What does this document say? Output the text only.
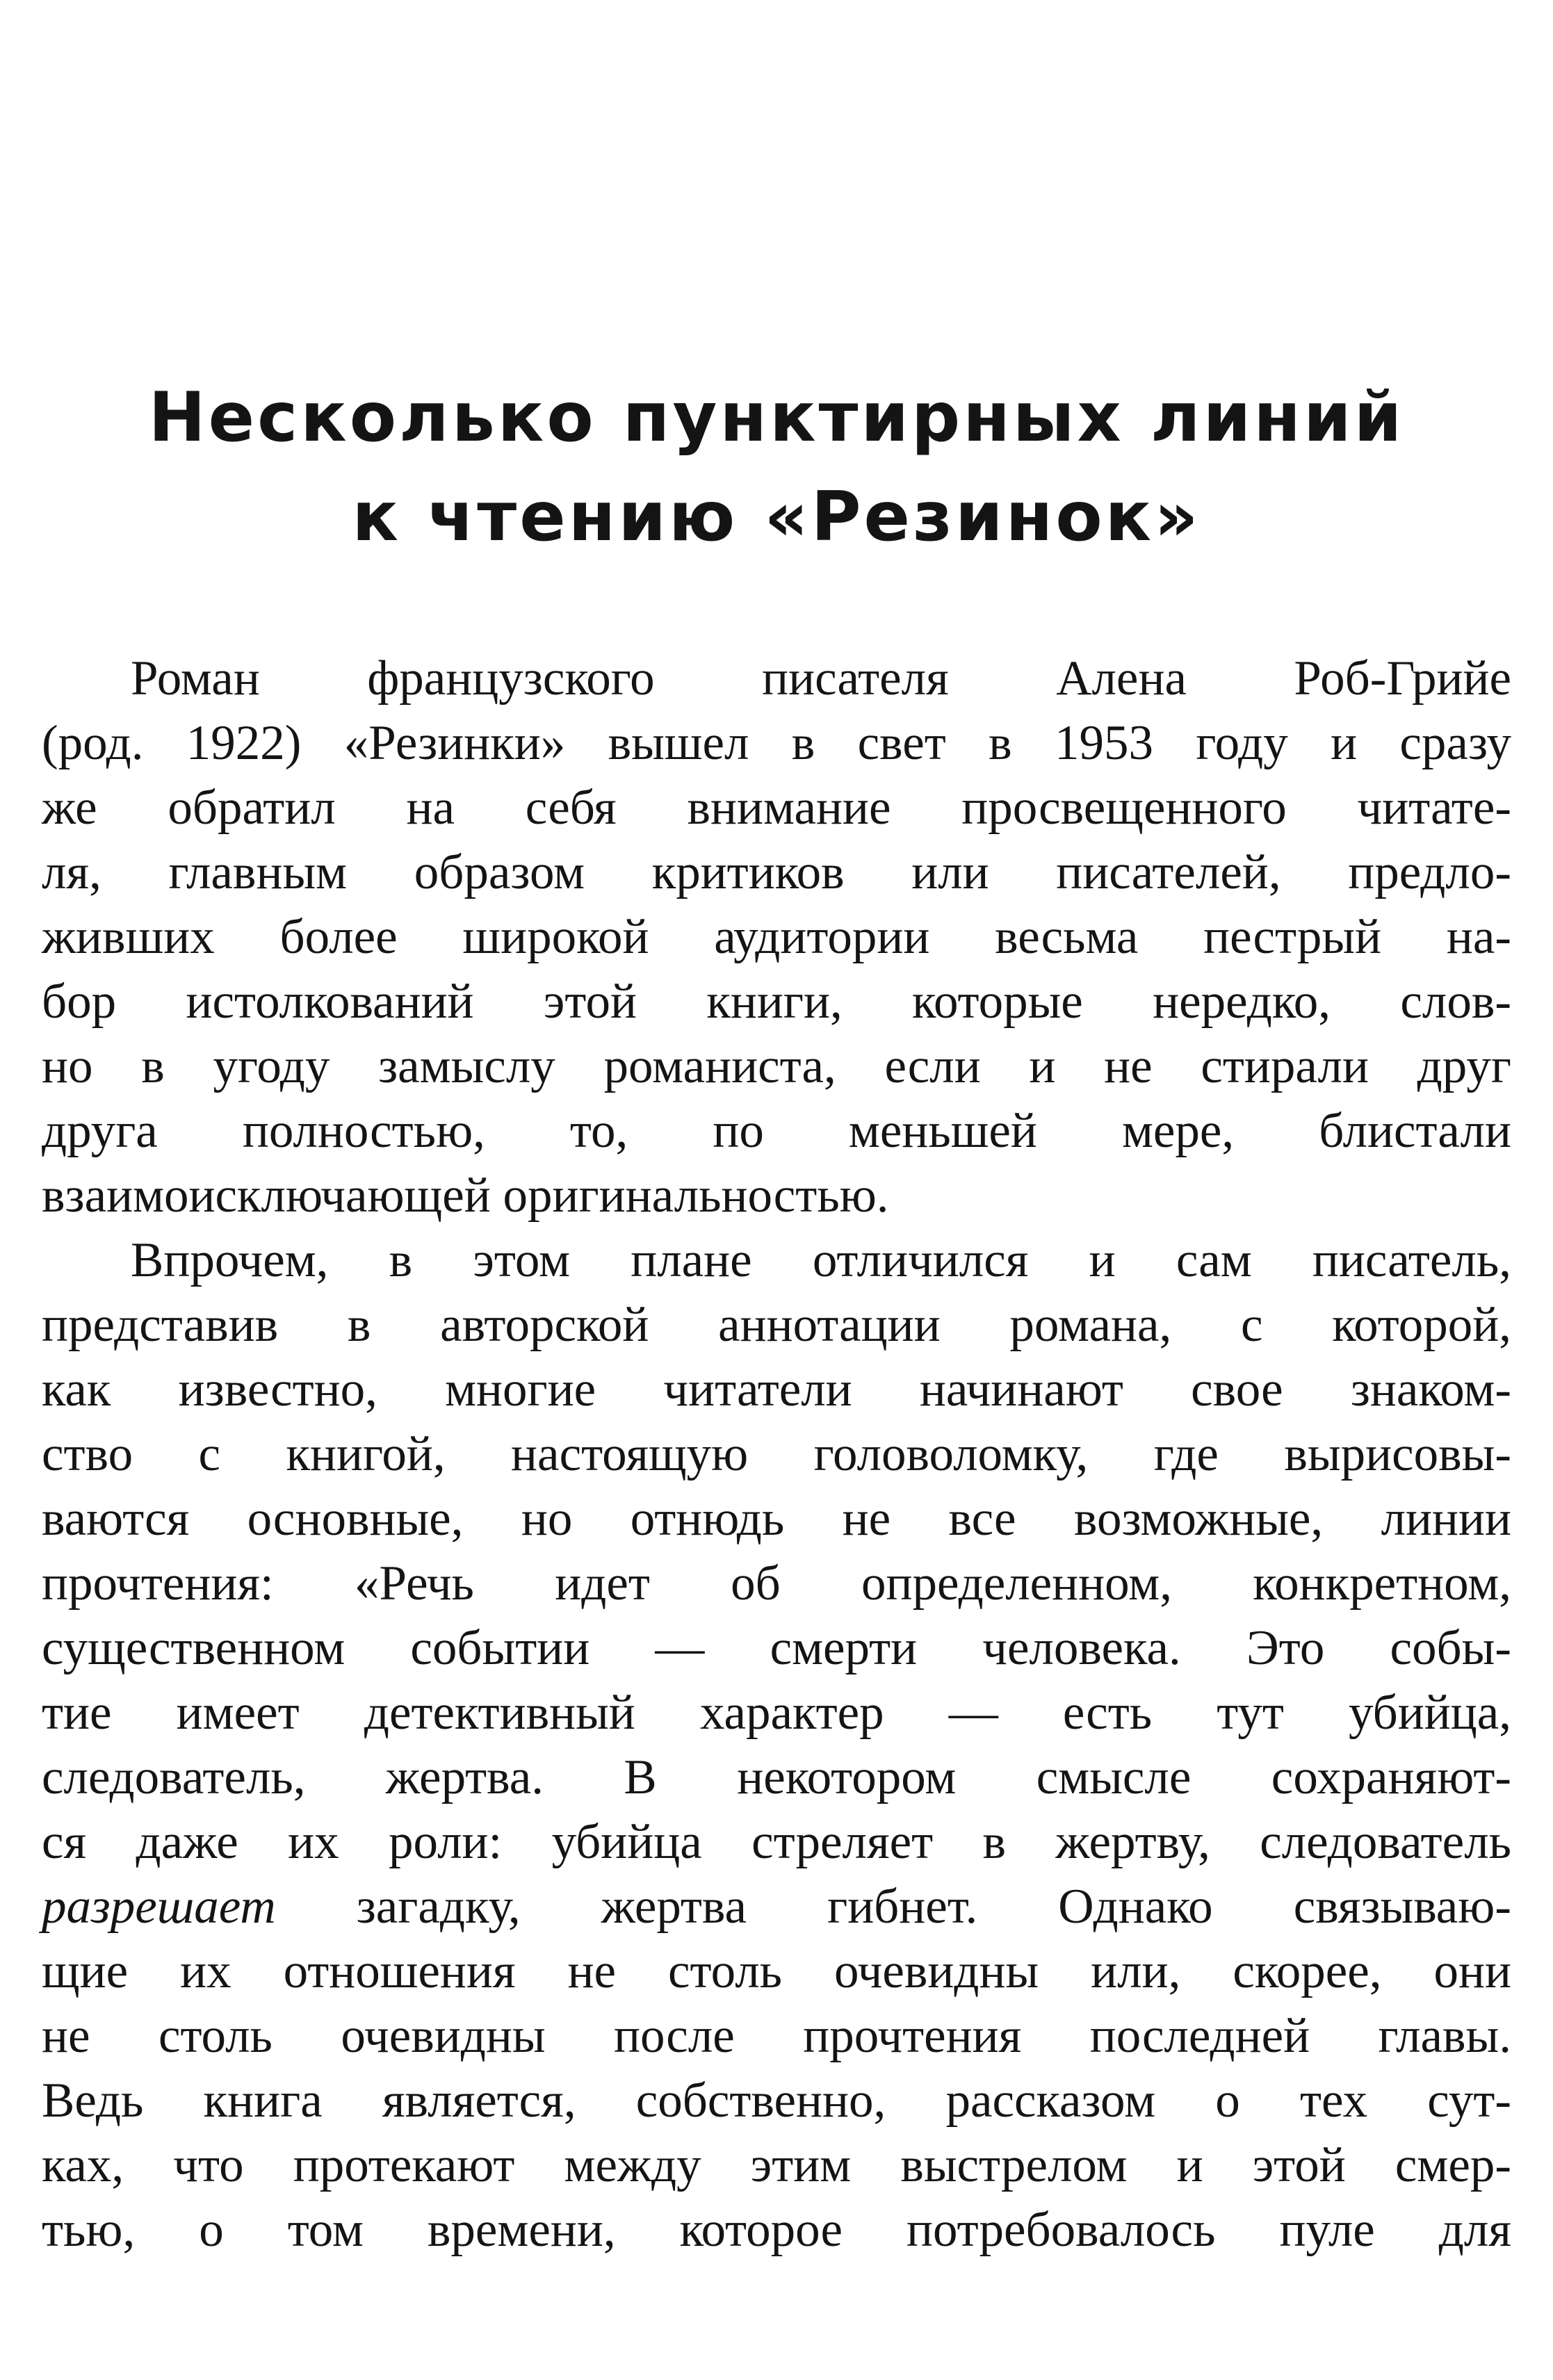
Несколько пунктирных линий
к чтению «Резинок»

Роман французского писателя Алена Роб-Грийе
(род. 1922) «Резинки» вышел в свет в 1953 году и сразу
же обратил на себя внимание просвещенного читате-
ля, главным образом критиков или писателей, предло-
живших более широкой аудитории весьма пестрый на-
бор истолкований этой книги, которые нередко, слов-
но в угоду замыслу романиста, если и не стирали друг
друга полностью, то, по меньшей мере, блистали
взаимоисключающей оригинальностью.

Впрочем, в этом плане отличился и сам писатель,
представив в авторской аннотации романа, с которой,
как известно, многие читатели начинают свое знаком-
ство с книгой, настоящую головоломку, где вырисовы-
ваются основные, но отнюдь не все возможные, линии
прочтения: «Речь идет об определенном, конкретном,
существенном событии — смерти человека. Это собы-
тие имеет детективный характер — есть тут убийца,
следователь, жертва. В некотором смысле сохраняют-
ся даже их роли: убийца стреляет в жертву, следователь
разрешает загадку, жертва гибнет. Однако связываю-
щие их отношения не столь очевидны или, скорее, они
не столь очевидны после прочтения последней главы.
Ведь книга является, собственно, рассказом о тех сут-
ках, что протекают между этим выстрелом и этой смер-
тью, о том времени, которое потребовалось пуле для
